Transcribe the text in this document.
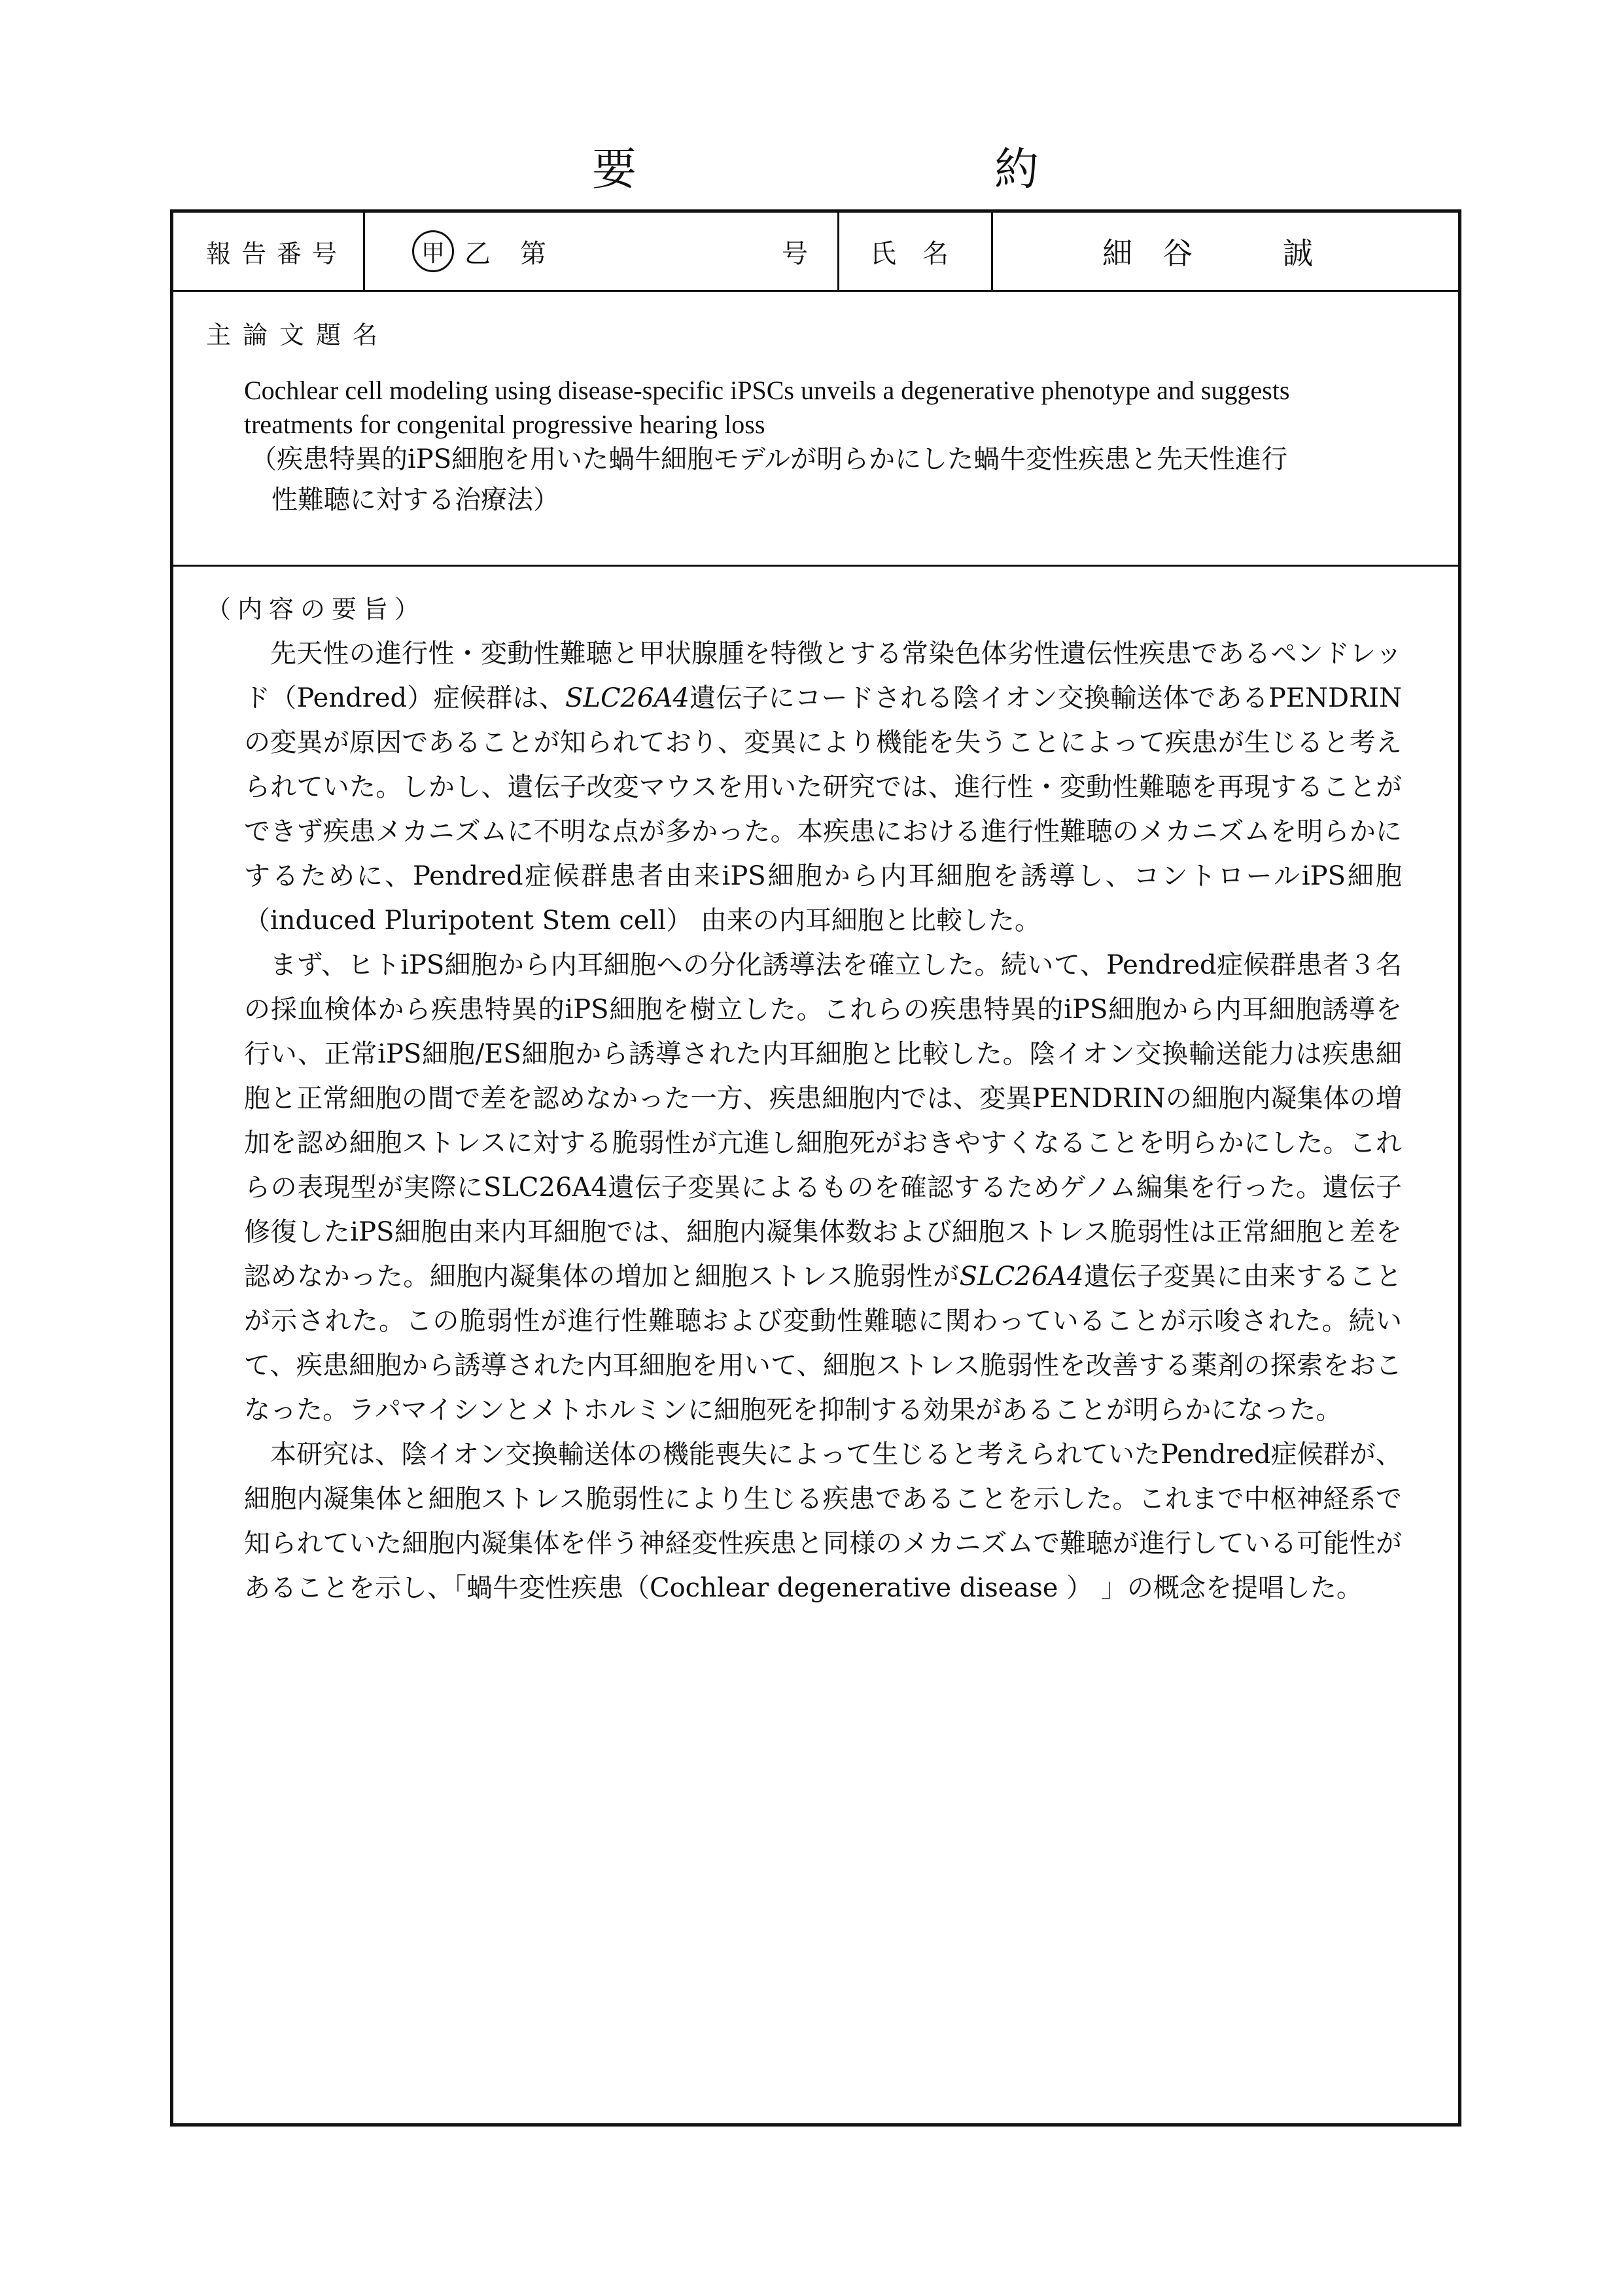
要	約
報告番号	甲 乙 第	号 氏　名	細　谷　　　誠
主論文題名
Cochlear cell modeling using disease-specific iPSCs unveils a degenerative phenotype and suggests treatments for congenital progressive hearing loss
（疾患特異的iPS細胞を用いた蝸牛細胞モデルが明らかにした蝸牛変性疾患と先天性進行
性難聴に対する治療法）
（内容の要旨）

先天性の進行性・変動性難聴と甲状腺腫を特徴とする常染色体劣性遺伝性疾患であるペンドレッド（Pendred）症候群は、SLC26A4遺伝子にコードされる陰イオン交換輸送体であるPENDRINの変異が原因であることが知られており、変異により機能を失うことによって疾患が生じると考えられていた。しかし、遺伝子改変マウスを用いた研究では、進行性・変動性難聴を再現することができず疾患メカニズムに不明な点が多かった。本疾患における進行性難聴のメカニズムを明らかにするために、Pendred症候群患者由来iPS細胞から内耳細胞を誘導し、コントロールiPS細胞（induced Pluripotent Stem cell） 由来の内耳細胞と比較した。

まず、ヒトiPS細胞から内耳細胞への分化誘導法を確立した。続いて、Pendred症候群患者３名の採血検体から疾患特異的iPS細胞を樹立した。これらの疾患特異的iPS細胞から内耳細胞誘導を行い、正常iPS細胞/ES細胞から誘導された内耳細胞と比較した。陰イオン交換輸送能力は疾患細胞と正常細胞の間で差を認めなかった一方、疾患細胞内では、変異PENDRINの細胞内凝集体の増加を認め細胞ストレスに対する脆弱性が亢進し細胞死がおきやすくなることを明らかにした。これらの表現型が実際にSLC26A4遺伝子変異によるものを確認するためゲノム編集を行った。遺伝子修復したiPS細胞由来内耳細胞では、細胞内凝集体数および細胞ストレス脆弱性は正常細胞と差を認めなかった。細胞内凝集体の増加と細胞ストレス脆弱性がSLC26A4遺伝子変異に由来することが示された。この脆弱性が進行性難聴および変動性難聴に関わっていることが示唆された。続いて、疾患細胞から誘導された内耳細胞を用いて、細胞ストレス脆弱性を改善する薬剤の探索をおこなった。ラパマイシンとメトホルミンに細胞死を抑制する効果があることが明らかになった。

本研究は、陰イオン交換輸送体の機能喪失によって生じると考えられていたPendred症候群が、細胞内凝集体と細胞ストレス脆弱性により生じる疾患であることを示した。これまで中枢神経系で知られていた細胞内凝集体を伴う神経変性疾患と同様のメカニズムで難聴が進行している可能性があることを示し、「蝸牛変性疾患（Cochlear degenerative disease ） 」の概念を提唱した。
